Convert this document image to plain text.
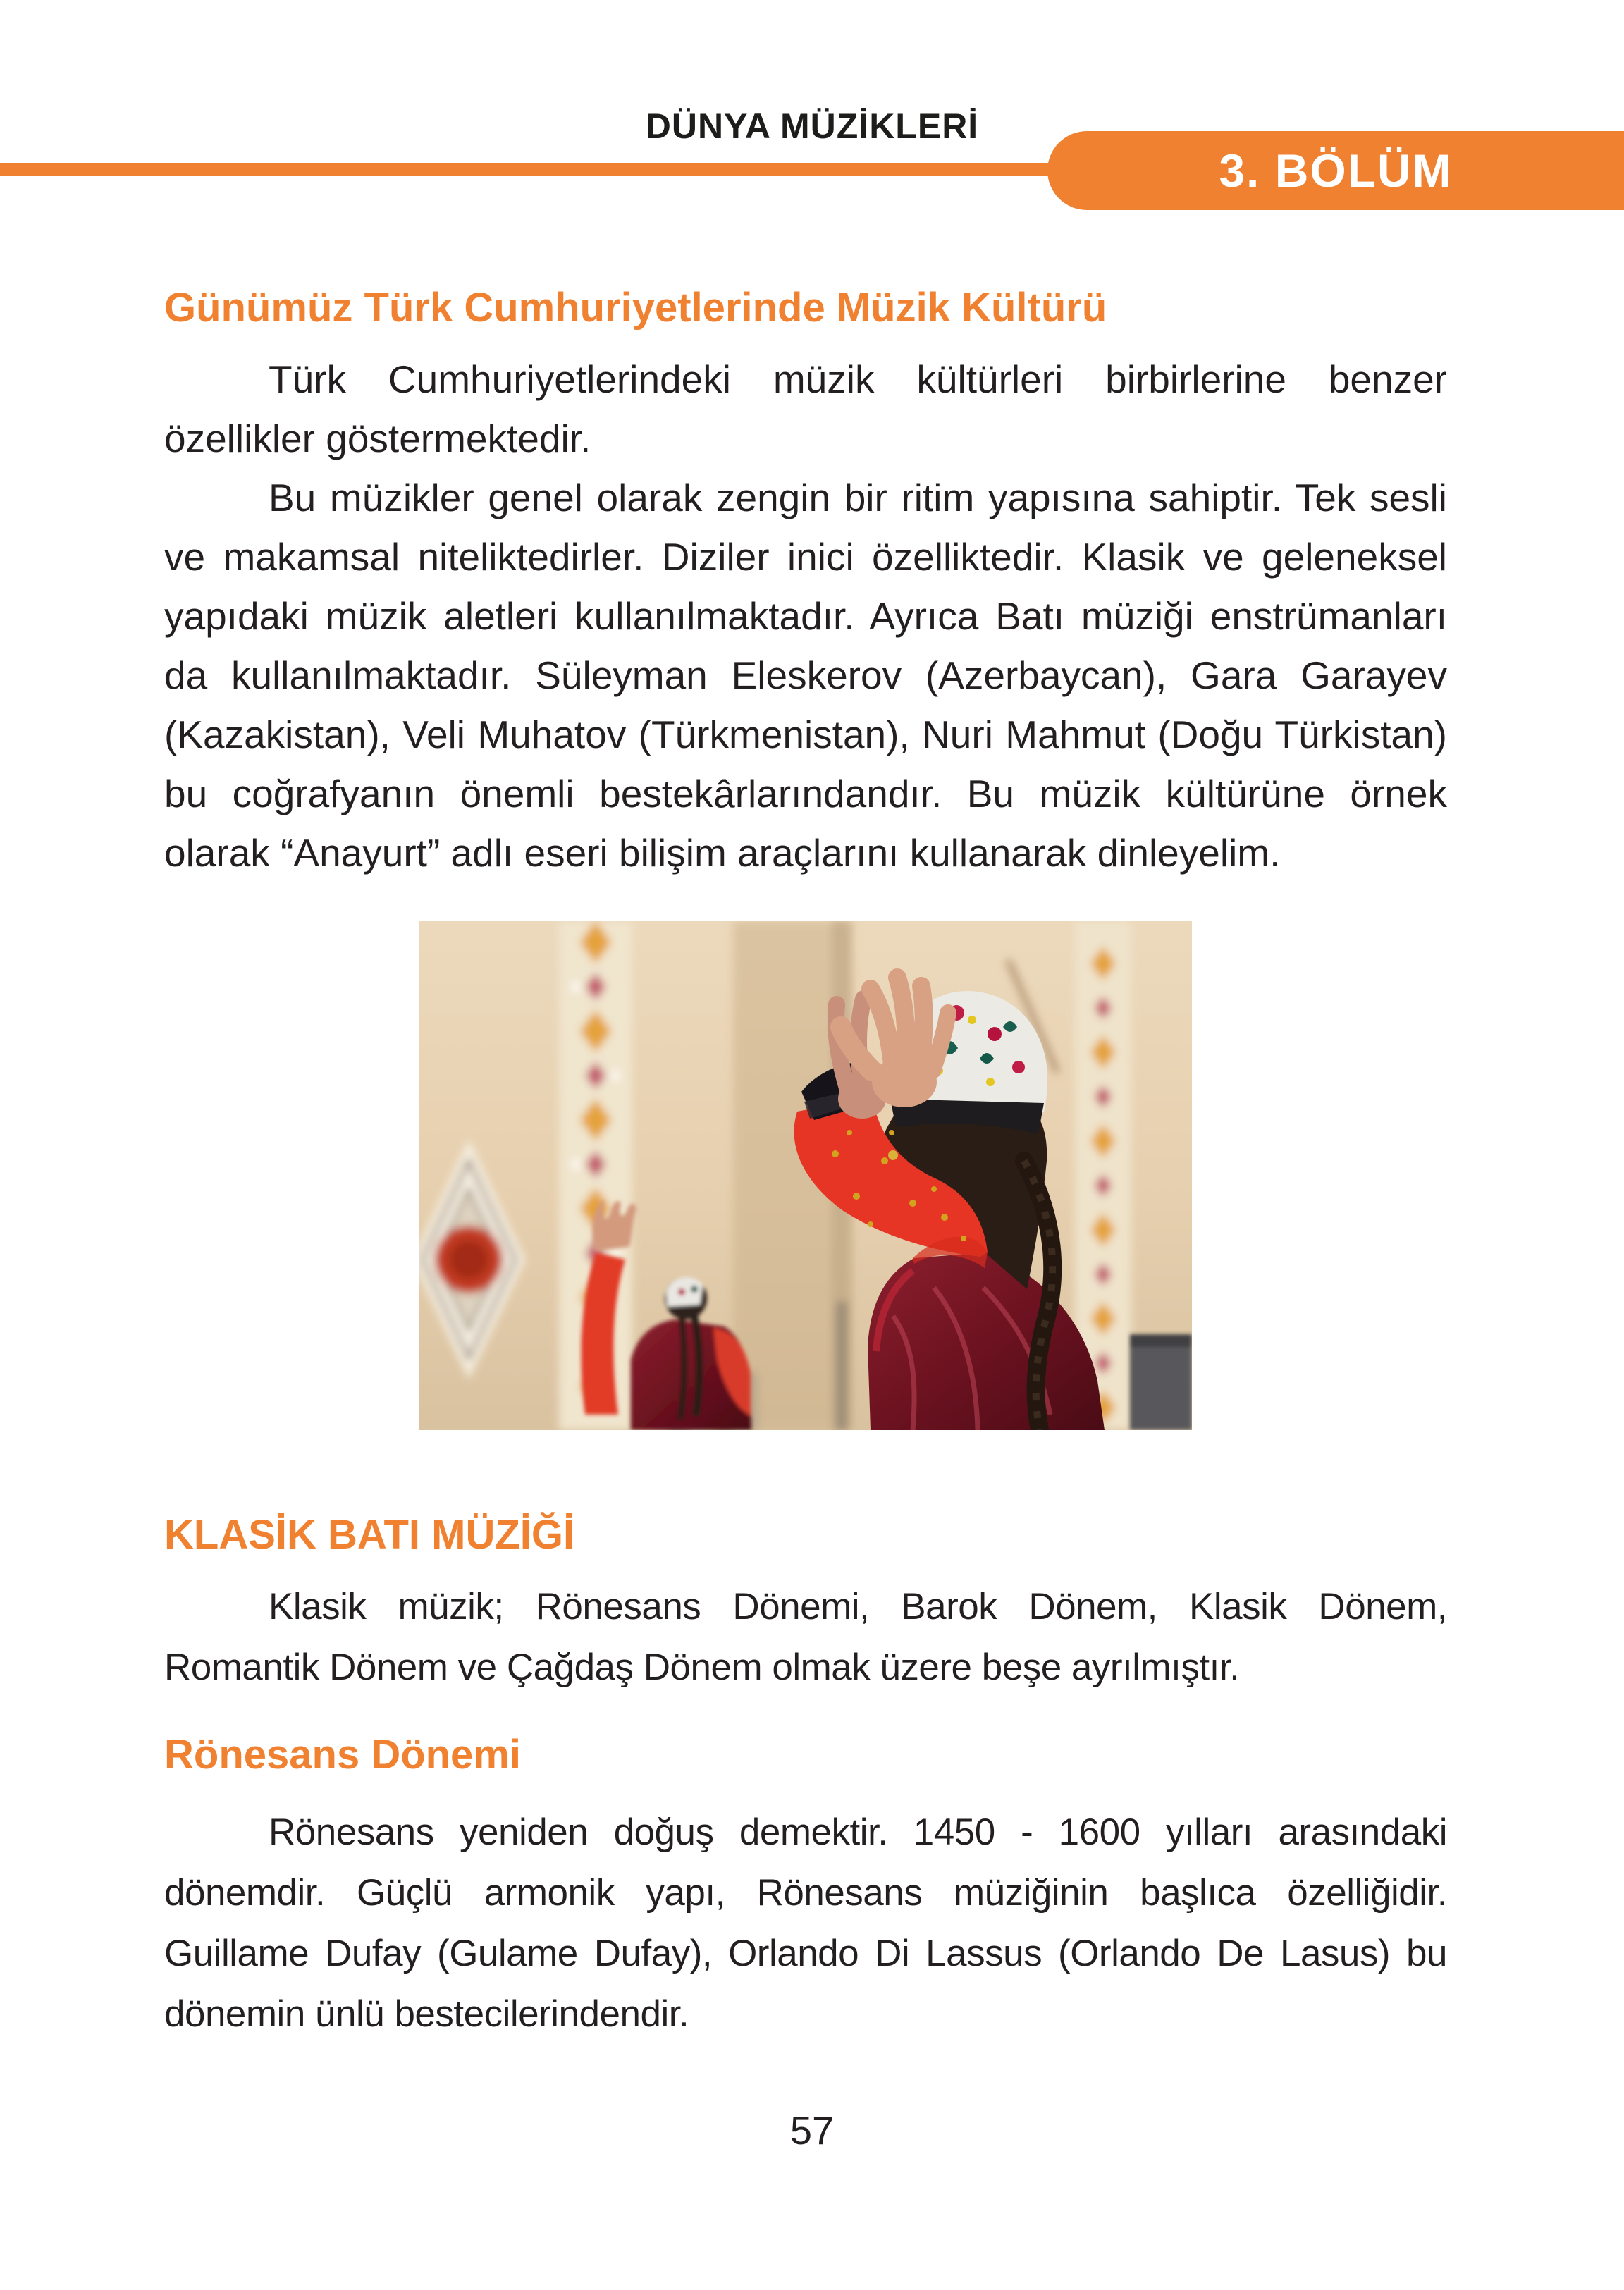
DÜNYA MÜZİKLERİ
3. BÖLÜM
Günümüz Türk Cumhuriyetlerinde Müzik Kültürü

Türk Cumhuriyetlerindeki müzik kültürleri birbirlerine benzer özellikler göstermektedir.

Bu müzikler genel olarak zengin bir ritim yapısına sahiptir. Tek sesli ve makamsal niteliktedirler. Diziler inici özelliktedir. Klasik ve geleneksel yapıdaki müzik aletleri kullanılmaktadır. Ayrıca Batı müziği enstrümanları da kullanılmaktadır. Süleyman Eleskerov (Azerbaycan), Gara Garayev (Kazakistan), Veli Muhatov (Türkmenistan), Nuri Mahmut (Doğu Türkistan) bu coğrafyanın önemli bestekârlarındandır. Bu müzik kültürüne örnek olarak “Anayurt” adlı eseri bilişim araçlarını kullanarak dinleyelim.

KLASİK BATI MÜZİĞİ

Klasik müzik; Rönesans Dönemi, Barok Dönem, Klasik Dönem, Romantik Dönem ve Çağdaş Dönem olmak üzere beşe ayrılmıştır.

Rönesans Dönemi

Rönesans yeniden doğuş demektir. 1450 - 1600 yılları arasındaki dönemdir. Güçlü armonik yapı, Rönesans müziğinin başlıca özelliğidir. Guillame Dufay (Gulame Dufay), Orlando Di Lassus (Orlando De Lasus) bu dönemin ünlü bestecilerindendir.

57
